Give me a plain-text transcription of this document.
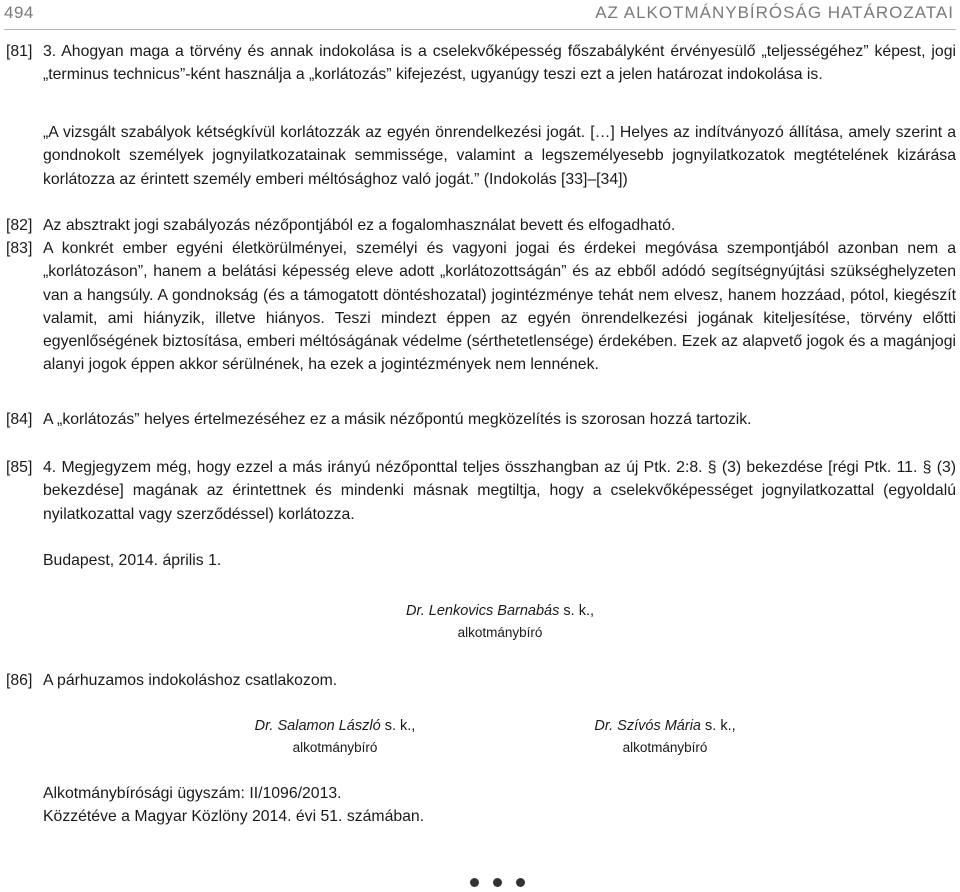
494	AZ ALKOTMÁNYBÍRÓSÁG HATÁROZATAI
[81] 3. Ahogyan maga a törvény és annak indokolása is a cselekvőképesség főszabályként érvényesülő „teljességéhez” képest, jogi „terminus technicus”-ként használja a „korlátozás” kifejezést, ugyanúgy teszi ezt a jelen határozat indokolása is.
„A vizsgált szabályok kétségkívül korlátozzák az egyén önrendelkezési jogát. […] Helyes az indítványozó állítása, amely szerint a gondnokolt személyek jognyilatkozatainak semmissége, valamint a legszemélyesebb jognyilatkozatok megtételének kizárása korlátozza az érintett személy emberi méltósághoz való jogát.” (Indokolás [33]–[34])
[82] Az absztrakt jogi szabályozás nézőpontjából ez a fogalomhasználat bevett és elfogadható.
[83] A konkrét ember egyéni életkörülményei, személyi és vagyoni jogai és érdekei megóvása szempontjából azonban nem a „korlátozáson”, hanem a belátási képesség eleve adott „korlátozottságán” és az ebből adódó segítségnyújtási szükséghelyzeten van a hangsúly. A gondnokság (és a támogatott döntéshozatal) jogintézménye tehát nem elvesz, hanem hozzáad, pótol, kiegészít valamit, ami hiányzik, illetve hiányos. Teszi mindezt éppen az egyén önrendelkezési jogának kiteljesítése, törvény előtti egyenlőségének biztosítása, emberi méltóságának védelme (sérthetetlensége) érdekében. Ezek az alapvető jogok és a magánjogi alanyi jogok éppen akkor sérülnének, ha ezek a jogintézmények nem lennének.
[84] A „korlátozás” helyes értelmezéséhez ez a másik nézőpontú megközelítés is szorosan hozzá tartozik.
[85] 4. Megjegyzem még, hogy ezzel a más irányú nézőponttal teljes összhangban az új Ptk. 2:8. § (3) bekezdése [régi Ptk. 11. § (3) bekezdése] magának az érintettnek és mindenki másnak megtiltja, hogy a cselekvőképességet jognyilatkozattal (egyoldalú nyilatkozattal vagy szerződéssel) korlátozza.
Budapest, 2014. április 1.
Dr. Lenkovics Barnabás s. k.,
alkotmánybíró
[86] A párhuzamos indokoláshoz csatlakozom.
Dr. Salamon László s. k.,
alkotmánybíró
Dr. Szívós Mária s. k.,
alkotmánybíró
Alkotmánybírósági ügyszám: II/1096/2013.
Közzétéve a Magyar Közlöny 2014. évi 51. számában.
